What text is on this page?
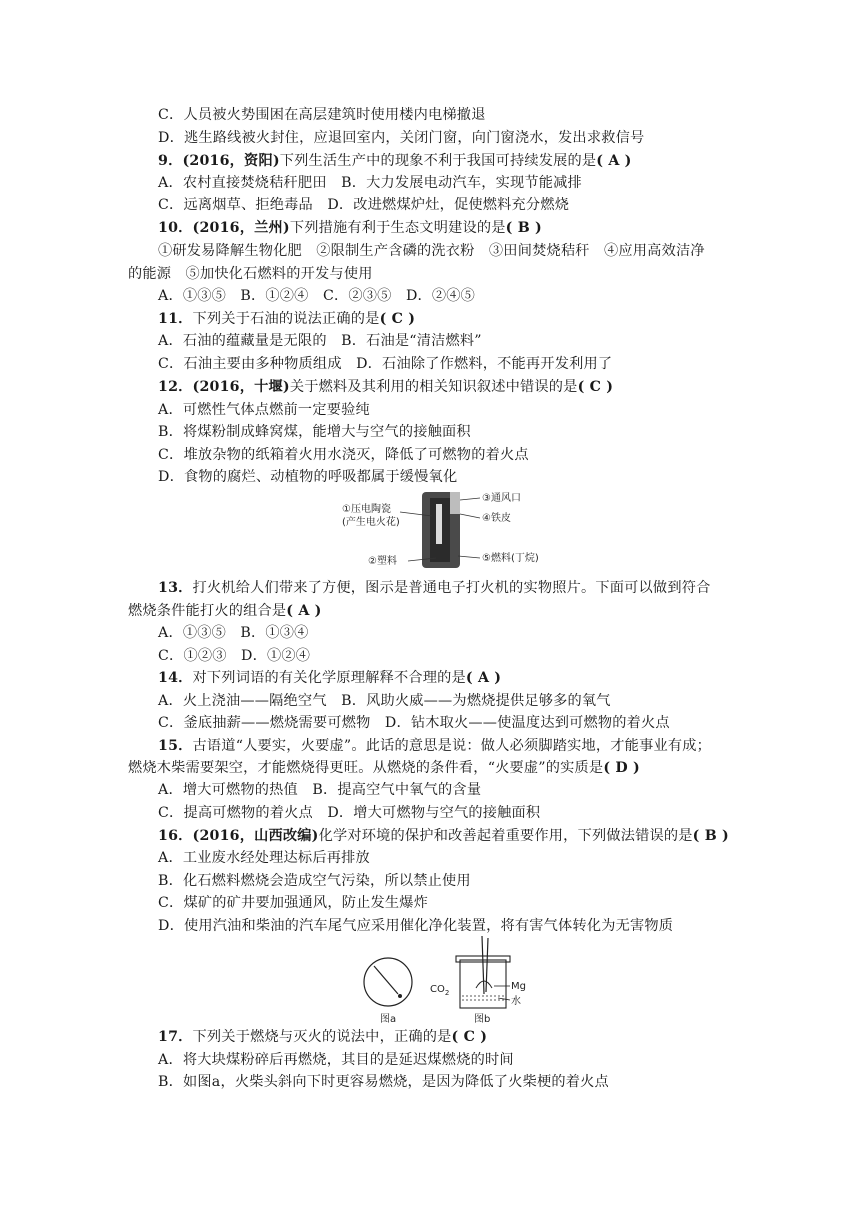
C．人员被火势围困在高层建筑时使用楼内电梯撤退
D．逃生路线被火封住，应退回室内，关闭门窗，向门窗浇水，发出求救信号
9．(2016，资阳)下列生活生产中的现象不利于我国可持续发展的是( A )
A．农村直接焚烧秸秆肥田　B．大力发展电动汽车，实现节能减排
C．远离烟草、拒绝毒品　D．改进燃煤炉灶，促使燃料充分燃烧
10．(2016，兰州)下列措施有利于生态文明建设的是( B )
①研发易降解生物化肥　②限制生产含磷的洗衣粉　③田间焚烧秸秆　④应用高效洁净
的能源　⑤加快化石燃料的开发与使用
A．①③⑤　B．①②④　C．②③⑤　D．②④⑤
11．下列关于石油的说法正确的是( C )
A．石油的蕴藏量是无限的　B．石油是“清洁燃料”
C．石油主要由多种物质组成　D．石油除了作燃料，不能再开发利用了
12．(2016，十堰)关于燃料及其利用的相关知识叙述中错误的是( C )
A．可燃性气体点燃前一定要验纯
B．将煤粉制成蜂窝煤，能增大与空气的接触面积
C．堆放杂物的纸箱着火用水浇灭，降低了可燃物的着火点
D．食物的腐烂、动植物的呼吸都属于缓慢氧化
13．打火机给人们带来了方便，图示是普通电子打火机的实物照片。下面可以做到符合
燃烧条件能打火的组合是( A )
A．①③⑤　B．①③④
C．①②③　D．①②④
14．对下列词语的有关化学原理解释不合理的是( A )
A．火上浇油——隔绝空气　B．风助火威——为燃烧提供足够多的氧气
C．釜底抽薪——燃烧需要可燃物　D．钻木取火——使温度达到可燃物的着火点
15．古语道“人要实，火要虚”。此话的意思是说：做人必须脚踏实地，才能事业有成；
燃烧木柴需要架空，才能燃烧得更旺。从燃烧的条件看，“火要虚”的实质是( D )
A．增大可燃物的热值　B．提高空气中氧气的含量
C．提高可燃物的着火点　D．增大可燃物与空气的接触面积
16．(2016，山西改编)化学对环境的保护和改善起着重要作用，下列做法错误的是( B )
A．工业废水经处理达标后再排放
B．化石燃料燃烧会造成空气污染，所以禁止使用
C．煤矿的矿井要加强通风，防止发生爆炸
D．使用汽油和柴油的汽车尾气应采用催化净化装置，将有害气体转化为无害物质
17．下列关于燃烧与灭火的说法中，正确的是( C )
A．将大块煤粉碎后再燃烧，其目的是延迟煤燃烧的时间
B．如图a，火柴头斜向下时更容易燃烧，是因为降低了火柴梗的着火点
①压电陶瓷
(产生电火花)
②塑料
③通风口
④铁皮
⑤燃料(丁烷)
图a
$CO_2$
Mg
水
图b
